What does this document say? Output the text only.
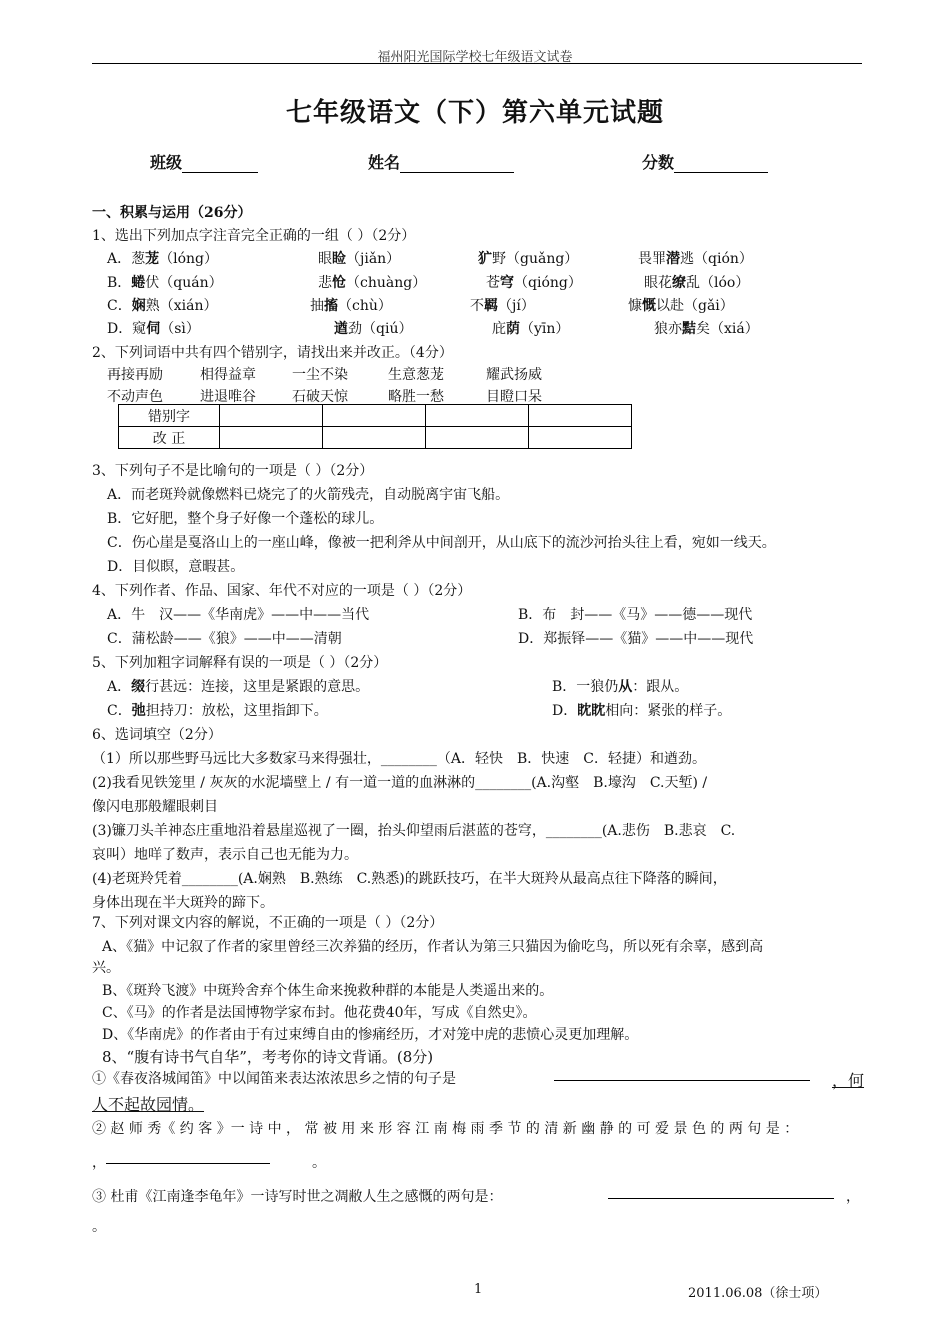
福州阳光国际学校七年级语文试卷
七年级语文（下）第六单元试题
班级	姓名	分数
一、积累与运用（26分）
1、选出下列加点字注音完全正确的一组（ ）（2分）
A．葱茏（lóng）	眼睑（jiǎn）	犷野（guǎng）	畏罪潜逃（qión）
B．蜷伏（quán）	悲怆（chuàng）	苍穹（qióng）	眼花缭乱（lóo）
C．娴熟（xián）	抽搐（chù）	不羁（jí）	慷慨以赴（gǎi）
D．窥伺（sì）	遒劲（qiú）	庇荫（yīn）	狼亦黠矣（xiá）
2、下列词语中共有四个错别字，请找出来并改正。（4分）
再接再励	相得益章	一尘不染	生意葱茏	耀武扬威
不动声色	进退唯谷	石破天惊	略胜一愁	目瞪口呆
错别字				
改 正				
3、下列句子不是比喻句的一项是（ ）（2分）
A．而老斑羚就像燃料已烧完了的火箭残壳，自动脱离宇宙飞船。
B．它好肥，整个身子好像一个蓬松的球儿。
C．伤心崖是戛洛山上的一座山峰，像被一把利斧从中间剖开，从山底下的流沙河抬头往上看，宛如一线天。
D．目似瞑，意暇甚。
4、下列作者、作品、国家、年代不对应的一项是（ ）（2分）
A．牛　汉——《华南虎》——中——当代	B．布　封——《马》——德——现代
C．蒲松龄——《狼》——中——清朝	D．郑振铎——《猫》——中——现代
5、下列加粗字词解释有误的一项是（ ）（2分）
A．缀行甚远：连接，这里是紧跟的意思。	B．一狼仍从：跟从。
C．弛担持刀：放松，这里指卸下。	D．眈眈相向：紧张的样子。
6、选词填空（2分）
（1）所以那些野马远比大多数家马来得强壮，________（A．轻快　B．快速　C．轻捷）和遒劲。
(2)我看见铁笼里 / 灰灰的水泥墙壁上 / 有一道一道的血淋淋的________(A.沟壑　B.壕沟　C.天堑) /
像闪电那般耀眼刺目
(3)镰刀头羊神态庄重地沿着悬崖巡视了一圈，抬头仰望雨后湛蓝的苍穹，________(A.悲伤　B.悲哀　C.
哀叫）地咩了数声，表示自己也无能为力。
(4)老斑羚凭着________(A.娴熟　B.熟练　C.熟悉)的跳跃技巧，在半大斑羚从最高点往下降落的瞬间，
身体出现在半大斑羚的蹄下。
7、下列对课文内容的解说，不正确的一项是（ ）（2分）
A、《猫》中记叙了作者的家里曾经三次养猫的经历，作者认为第三只猫因为偷吃鸟，所以死有余辜，感到高
兴。
B、《斑羚飞渡》中斑羚舍弃个体生命来挽救种群的本能是人类遥出来的。
C、《马》的作者是法国博物学家布封。他花费40年，写成《自然史》。
D、《华南虎》的作者由于有过束缚自由的惨痛经历，才对笼中虎的悲愤心灵更加理解。
8、“腹有诗书气自华”，考考你的诗文背诵。(8分)
①《春夜洛城闻笛》中以闻笛来表达浓浓思乡之情的句子是	，何
人不起故园情。
② 赵 师 秀《 约 客 》一 诗 中 ， 常 被 用 来 形 容 江 南 梅 雨 季 节 的 清 新 幽 静 的 可 爱 景 色 的 两 句 是 ：
，	。
③ 杜甫《江南逢李龟年》一诗写时世之凋敝人生之感慨的两句是：	，
。
1	2011.06.08（徐士项）
